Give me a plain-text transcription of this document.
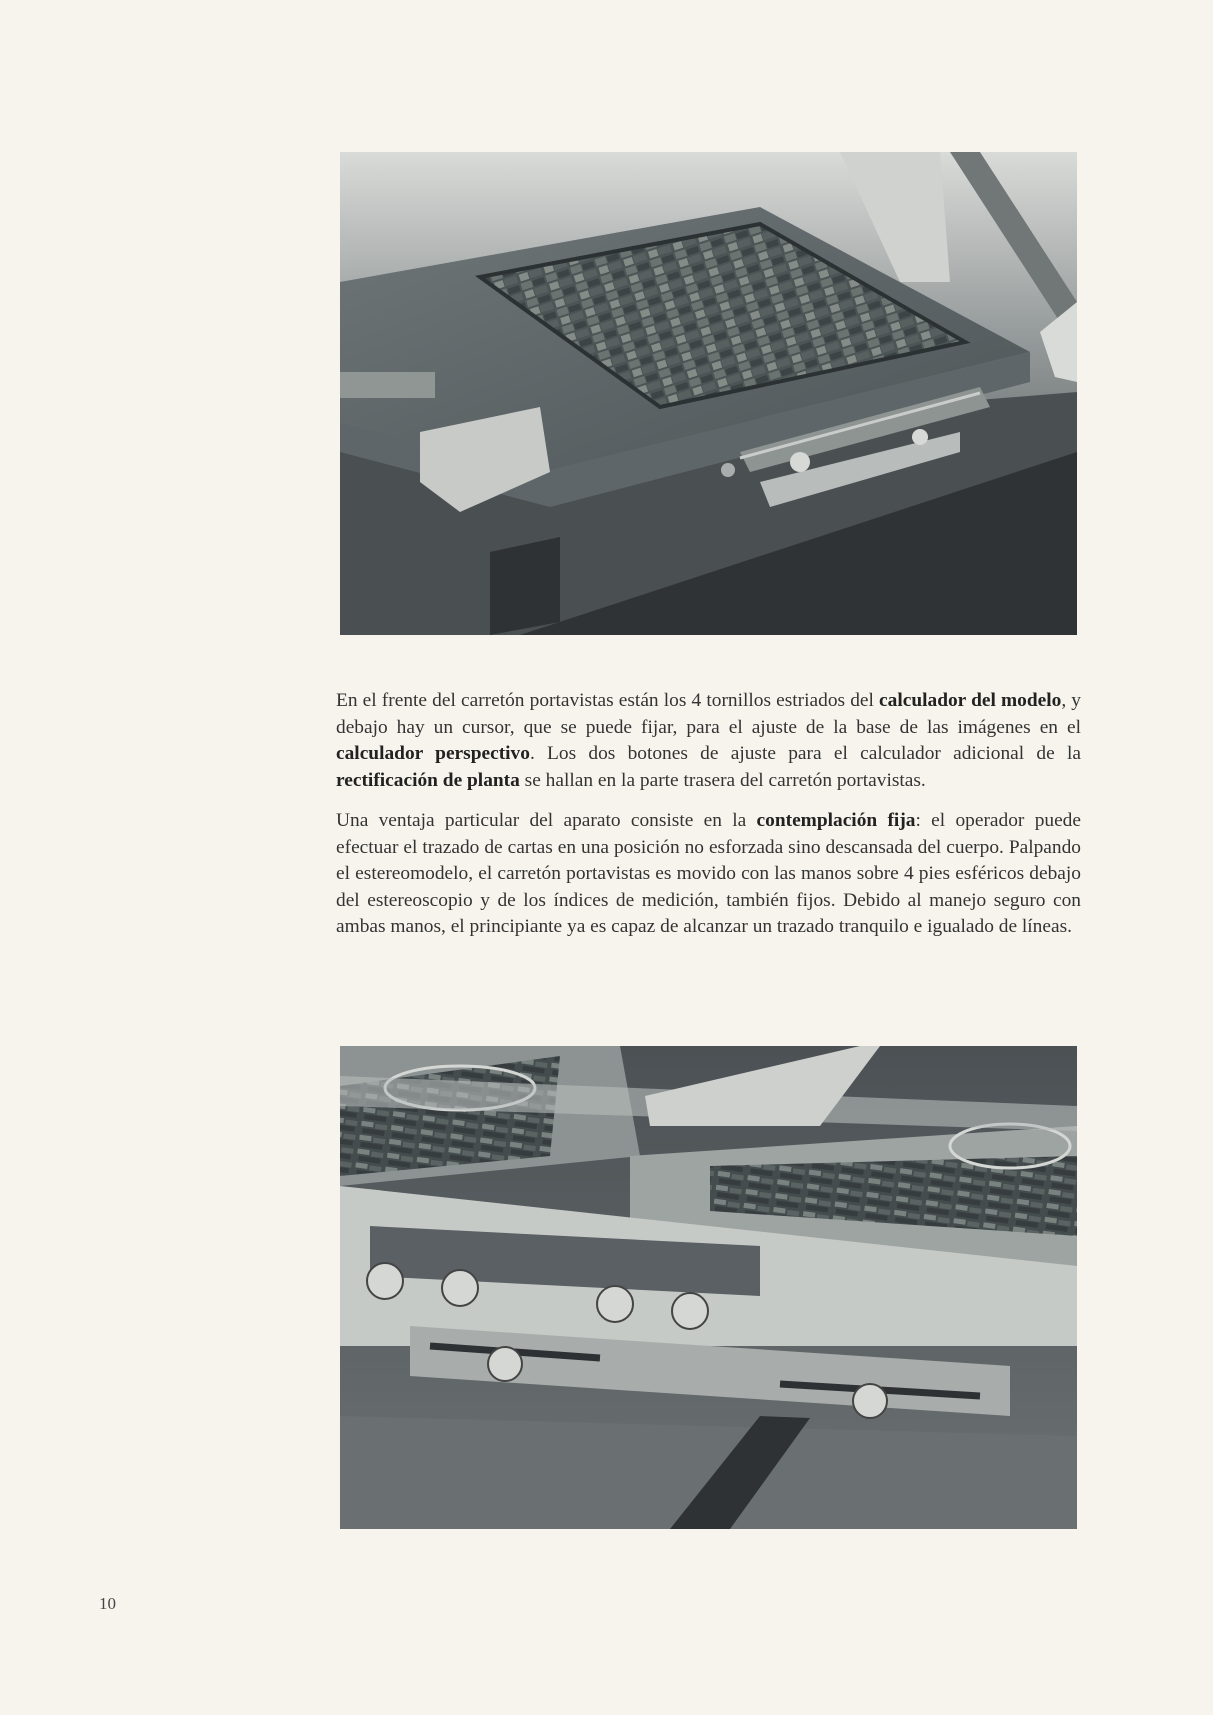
En el frente del carretón portavistas están los 4 tornillos estriados del calculador del modelo, y debajo hay un cursor, que se puede fijar, para el ajuste de la base de las imágenes en el calculador perspectivo. Los dos botones de ajuste para el calculador adicional de la rectificación de planta se hallan en la parte trasera del carretón portavistas.

Una ventaja particular del aparato consiste en la contemplación fija: el operador puede efectuar el trazado de cartas en una posición no esforzada sino descansada del cuerpo. Palpando el estereomodelo, el carretón portavistas es movido con las manos sobre 4 pies esféricos debajo del estereoscopio y de los índices de medición, también fijos. Debido al manejo seguro con ambas manos, el principiante ya es capaz de alcanzar un trazado tranquilo e igualado de líneas.

10
